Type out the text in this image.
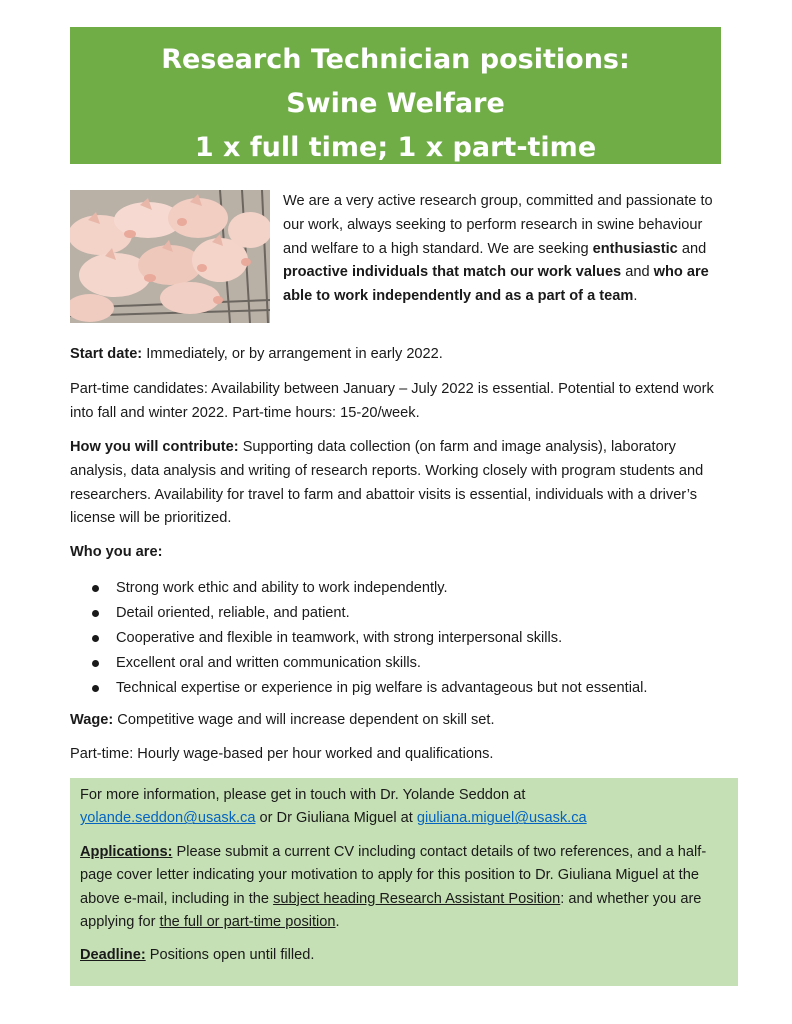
Research Technician positions:
Swine Welfare
1 x full time; 1 x part-time
We are a very active research group, committed and passionate to our work, always seeking to perform research in swine behaviour and welfare to a high standard. We are seeking enthusiastic and proactive individuals that match our work values and who are able to work independently and as a part of a team.

Start date: Immediately, or by arrangement in early 2022.

Part-time candidates: Availability between January – July 2022 is essential. Potential to extend work into fall and winter 2022. Part-time hours: 15-20/week.

How you will contribute: Supporting data collection (on farm and image analysis), laboratory analysis, data analysis and writing of research reports. Working closely with program students and researchers. Availability for travel to farm and abattoir visits is essential, individuals with a driver’s license will be prioritized.

Who you are:

Strong work ethic and ability to work independently.
Detail oriented, reliable, and patient.
Cooperative and flexible in teamwork, with strong interpersonal skills.
Excellent oral and written communication skills.
Technical expertise or experience in pig welfare is advantageous but not essential.

Wage: Competitive wage and will increase dependent on skill set.

Part-time: Hourly wage-based per hour worked and qualifications.

For more information, please get in touch with Dr. Yolande Seddon at
yolande.seddon@usask.ca or Dr Giuliana Miguel at giuliana.miguel@usask.ca

Applications: Please submit a current CV including contact details of two references, and a half-page cover letter indicating your motivation to apply for this position to Dr. Giuliana Miguel at the above e-mail, including in the subject heading Research Assistant Position: and whether you are applying for the full or part-time position.

Deadline: Positions open until filled.
